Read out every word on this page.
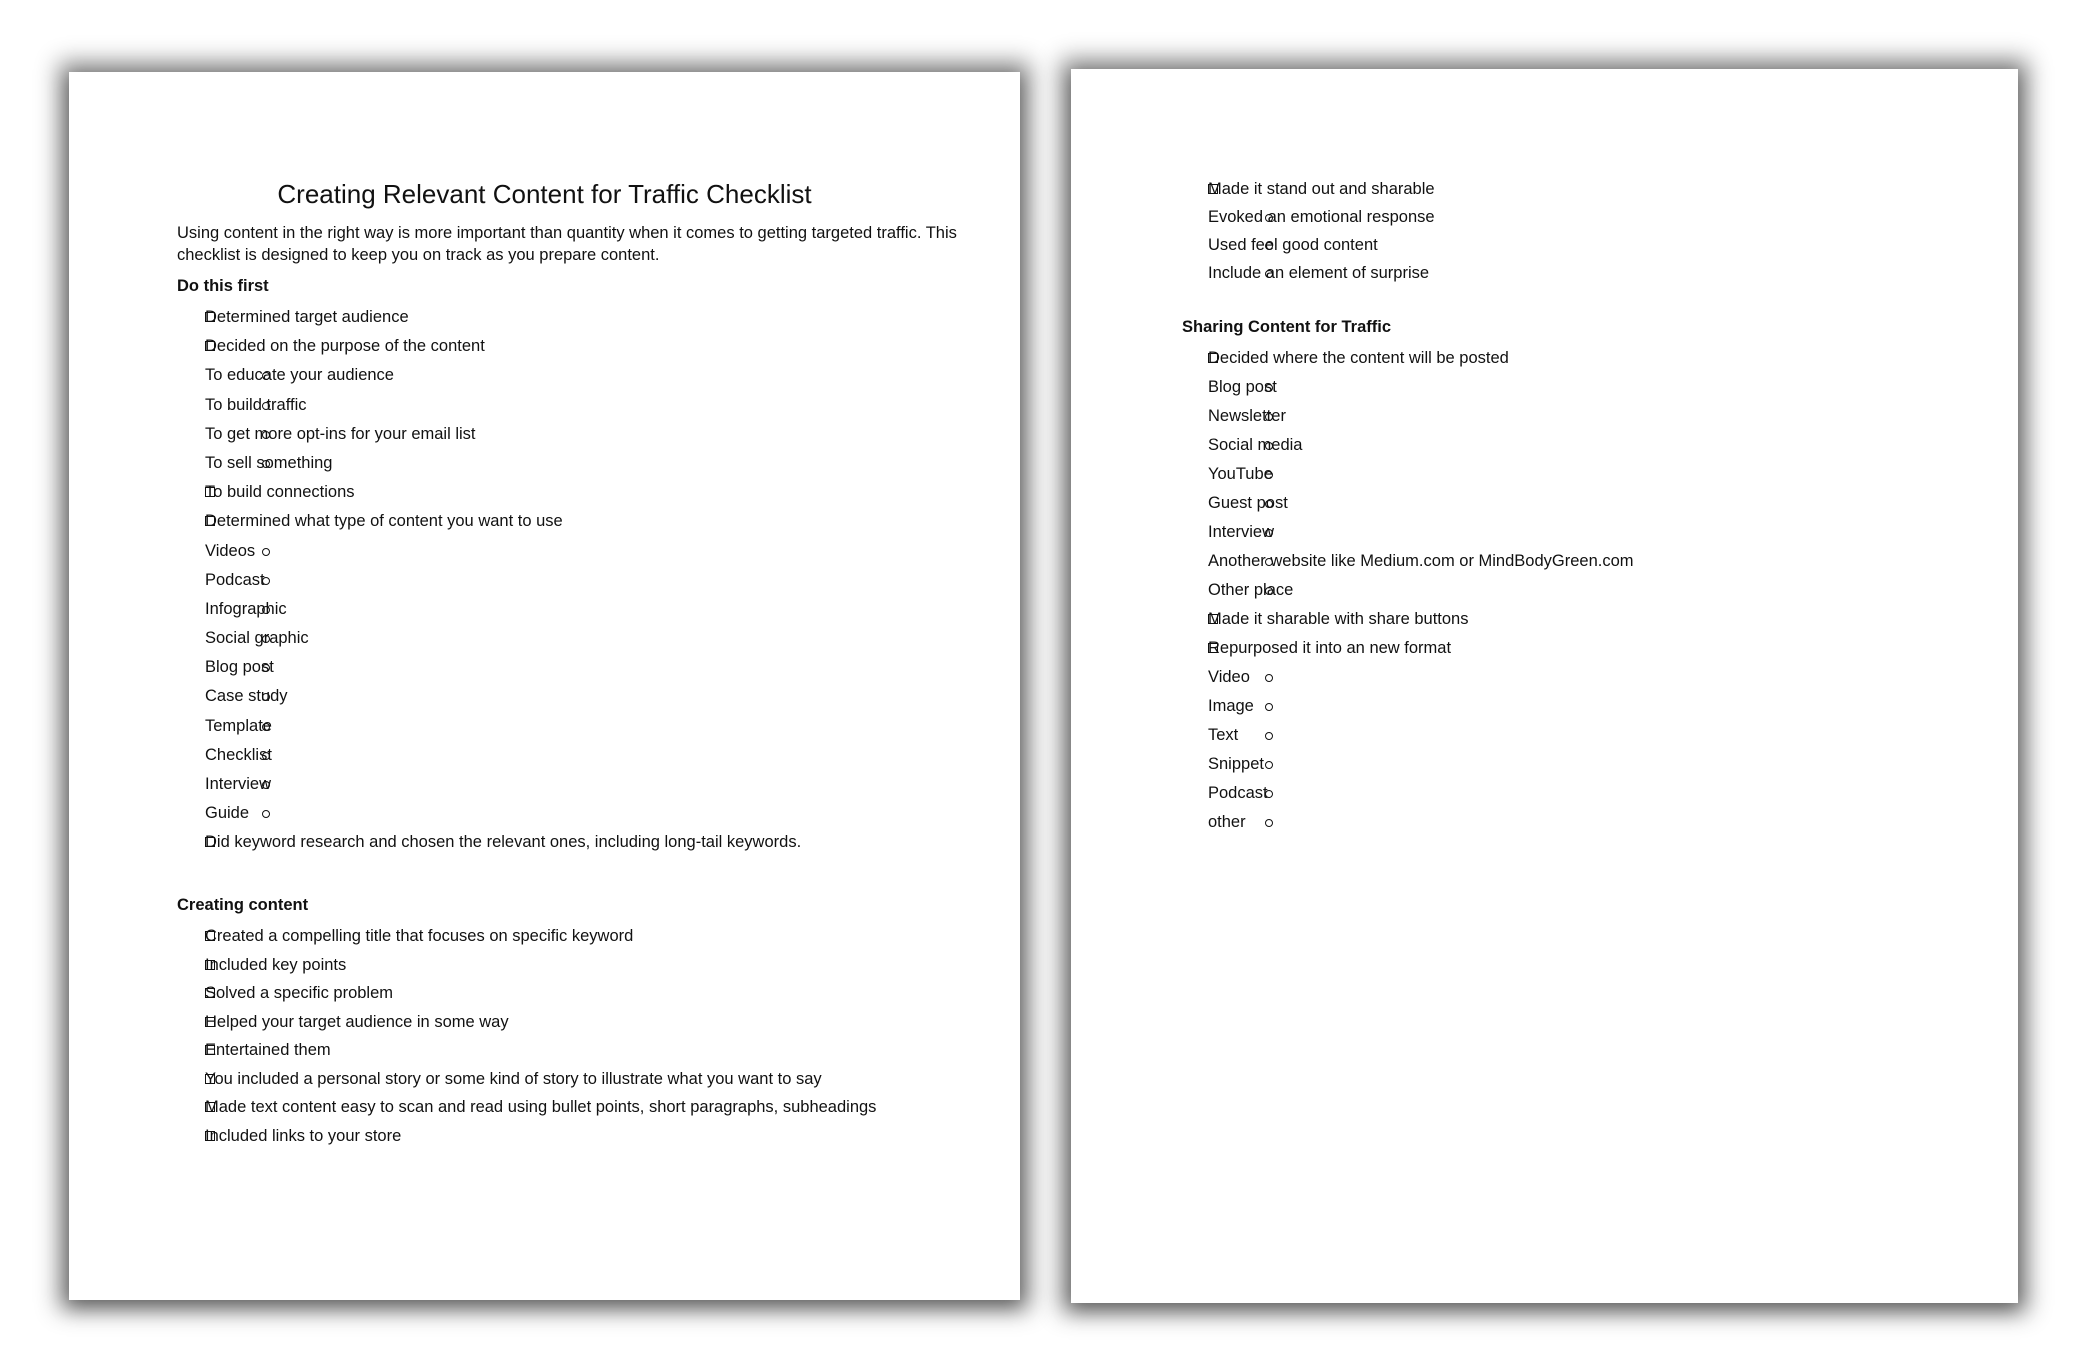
Creating Relevant Content for Traffic Checklist

Using content in the right way is more important than quantity when it comes to getting targeted traffic. This checklist is designed to keep you on track as you prepare content.

Do this first
Determined target audience
Decided on the purpose of the content
To educate your audience
To build traffic
To get more opt-ins for your email list
To sell something
To build connections
Determined what type of content you want to use
Videos
Podcast
Infographic
Social graphic
Blog post
Case study
Template
Checklist
Interview
Guide
Did keyword research and chosen the relevant ones, including long-tail keywords.
Creating content
Created a compelling title that focuses on specific keyword
Included key points
Solved a specific problem
Helped your target audience in some way
Entertained them
You included a personal story or some kind of story to illustrate what you want to say
Made text content easy to scan and read using bullet points, short paragraphs, subheadings
Included links to your store
Made it stand out and sharable
Evoked an emotional response
Used feel good content
Include an element of surprise
Sharing Content for Traffic
Decided where the content will be posted
Blog post
Newsletter
Social media
YouTube
Guest post
Interview
Another website like Medium.com or MindBodyGreen.com
Other place
Made it sharable with share buttons
Repurposed it into an new format
Video
Image
Text
Snippet
Podcast
other
